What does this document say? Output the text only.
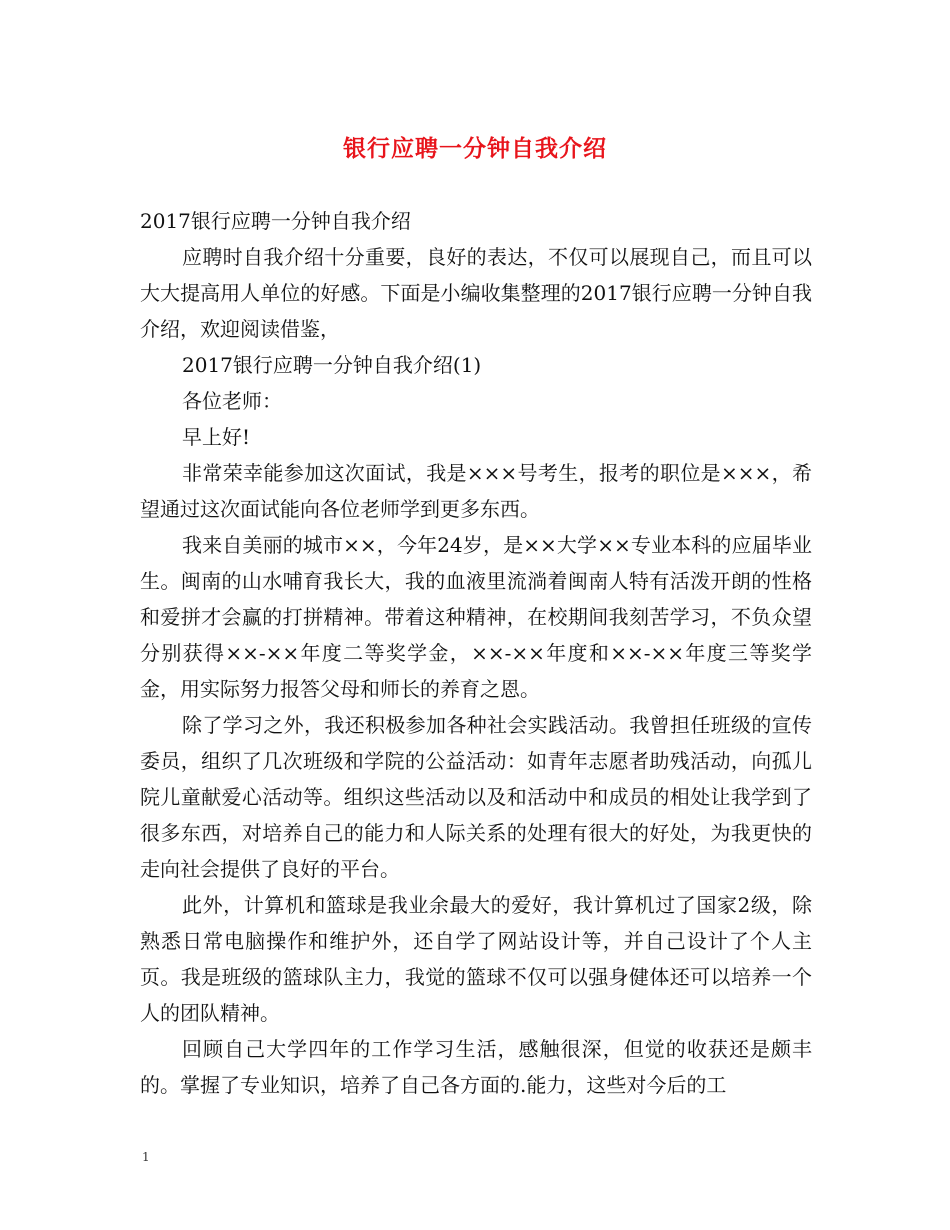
银行应聘一分钟自我介绍

2017银行应聘一分钟自我介绍

应聘时自我介绍十分重要，良好的表达，不仅可以展现自己，而且可以大大提高用人单位的好感。下面是小编收集整理的2017银行应聘一分钟自我介绍，欢迎阅读借鉴，

2017银行应聘一分钟自我介绍(1)

各位老师：

早上好!

非常荣幸能参加这次面试，我是×××号考生，报考的职位是×××，希望通过这次面试能向各位老师学到更多东西。

我来自美丽的城市××，今年24岁，是××大学××专业本科的应届毕业生。闽南的山水哺育我长大，我的血液里流淌着闽南人特有活泼开朗的性格和爱拼才会赢的打拼精神。带着这种精神，在校期间我刻苦学习，不负众望分别获得××-××年度二等奖学金，××-××年度和××-××年度三等奖学金，用实际努力报答父母和师长的养育之恩。

除了学习之外，我还积极参加各种社会实践活动。我曾担任班级的宣传委员，组织了几次班级和学院的公益活动：如青年志愿者助残活动，向孤儿院儿童献爱心活动等。组织这些活动以及和活动中和成员的相处让我学到了很多东西，对培养自己的能力和人际关系的处理有很大的好处，为我更快的走向社会提供了良好的平台。

此外，计算机和篮球是我业余最大的爱好，我计算机过了国家2级，除熟悉日常电脑操作和维护外，还自学了网站设计等，并自己设计了个人主页。我是班级的篮球队主力，我觉的篮球不仅可以强身健体还可以培养一个人的团队精神。

回顾自己大学四年的工作学习生活，感触很深，但觉的收获还是颇丰的。掌握了专业知识，培养了自己各方面的.能力，这些对今后的工

1
